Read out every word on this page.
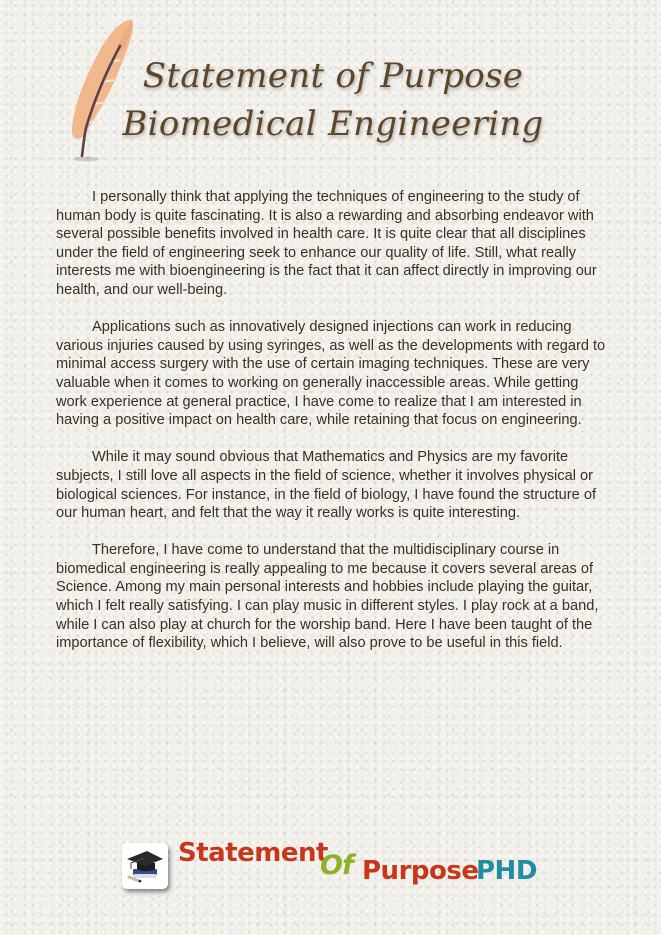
Statement of Purpose
Biomedical Engineering

I personally think that applying the techniques of engineering to the study of human body is quite fascinating. It is also a rewarding and absorbing endeavor with several possible benefits involved in health care. It is quite clear that all disciplines under the field of engineering seek to enhance our quality of life. Still, what really interests me with bioengineering is the fact that it can affect directly in improving our health, and our well-being.

Applications such as innovatively designed injections can work in reducing various injuries caused by using syringes, as well as the developments with regard to minimal access surgery with the use of certain imaging techniques. These are very valuable when it comes to working on generally inaccessible areas. While getting work experience at general practice, I have come to realize that I am interested in having a positive impact on health care, while retaining that focus on engineering.

While it may sound obvious that Mathematics and Physics are my favorite subjects, I still love all aspects in the field of science, whether it involves physical or biological sciences. For instance, in the field of biology, I have found the structure of our human heart, and felt that the way it really works is quite interesting.

Therefore, I have come to understand that the multidisciplinary course in biomedical engineering is really appealing to me because it covers several areas of Science. Among my main personal interests and hobbies include playing the guitar, which I felt really satisfying. I can play music in different styles. I play rock at a band, while I can also play at church for the worship band. Here I have been taught of the importance of flexibility, which I believe, will also prove to be useful in this field.

Statement
Of Purpose
PHD
